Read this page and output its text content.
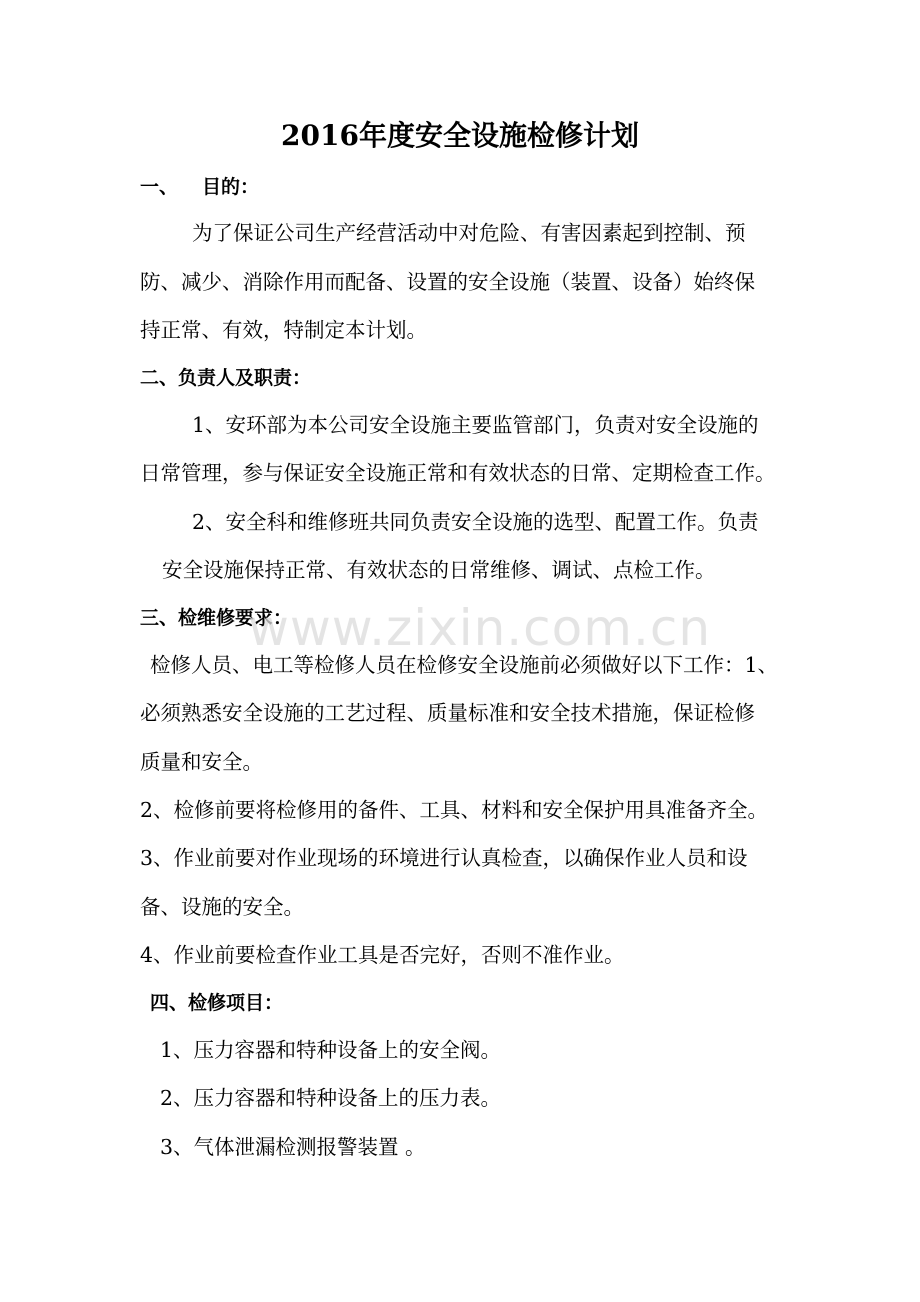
2016年度安全设施检修计划
一、 目的：
为了保证公司生产经营活动中对危险、有害因素起到控制、预
防、减少、消除作用而配备、设置的安全设施（装置、设备）始终保
持正常、有效，特制定本计划。
二、负责人及职责：
1、安环部为本公司安全设施主要监管部门，负责对安全设施的
日常管理，参与保证安全设施正常和有效状态的日常、定期检查工作。
2、安全科和维修班共同负责安全设施的选型、配置工作。负责
安全设施保持正常、有效状态的日常维修、调试、点检工作。
三、检维修要求：
检修人员、电工等检修人员在检修安全设施前必须做好以下工作：1、
必须熟悉安全设施的工艺过程、质量标准和安全技术措施，保证检修
质量和安全。
2、检修前要将检修用的备件、工具、材料和安全保护用具准备齐全。
3、作业前要对作业现场的环境进行认真检查，以确保作业人员和设
备、设施的安全。
4、作业前要检查作业工具是否完好，否则不准作业。
四、检修项目：
1、压力容器和特种设备上的安全阀。
2、压力容器和特种设备上的压力表。
3、气体泄漏检测报警装置 。
www.zixin.com.cn
